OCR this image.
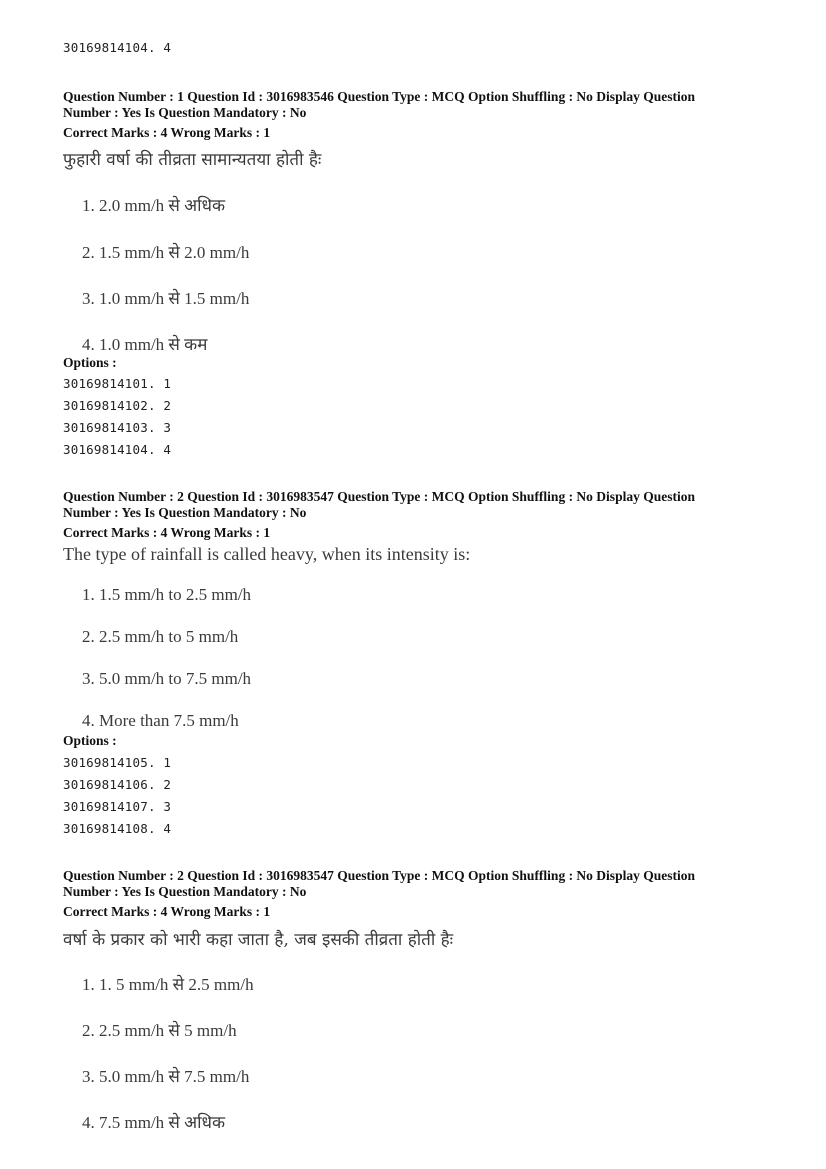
30169814104. 4
Question Number : 1 Question Id : 3016983546 Question Type : MCQ Option Shuffling : No Display Question
Number : Yes Is Question Mandatory : No
Correct Marks : 4 Wrong Marks : 1
फुहारी वर्षा की तीव्रता सामान्यतया होती हैः
1. 2.0 mm/h से अधिक
2. 1.5 mm/h से 2.0 mm/h
3. 1.0 mm/h से 1.5 mm/h
4. 1.0 mm/h से कम
Options :
30169814101. 1
30169814102. 2
30169814103. 3
30169814104. 4
Question Number : 2 Question Id : 3016983547 Question Type : MCQ Option Shuffling : No Display Question
Number : Yes Is Question Mandatory : No
Correct Marks : 4 Wrong Marks : 1
The type of rainfall is called heavy, when its intensity is:
1. 1.5 mm/h to 2.5 mm/h
2. 2.5 mm/h to 5 mm/h
3. 5.0 mm/h to 7.5 mm/h
4. More than 7.5 mm/h
Options :
30169814105. 1
30169814106. 2
30169814107. 3
30169814108. 4
Question Number : 2 Question Id : 3016983547 Question Type : MCQ Option Shuffling : No Display Question
Number : Yes Is Question Mandatory : No
Correct Marks : 4 Wrong Marks : 1
वर्षा के प्रकार को भारी कहा जाता है, जब इसकी तीव्रता होती हैः
1. 1. 5 mm/h से 2.5 mm/h
2. 2.5 mm/h से 5 mm/h
3. 5.0 mm/h से 7.5 mm/h
4. 7.5 mm/h से अधिक
